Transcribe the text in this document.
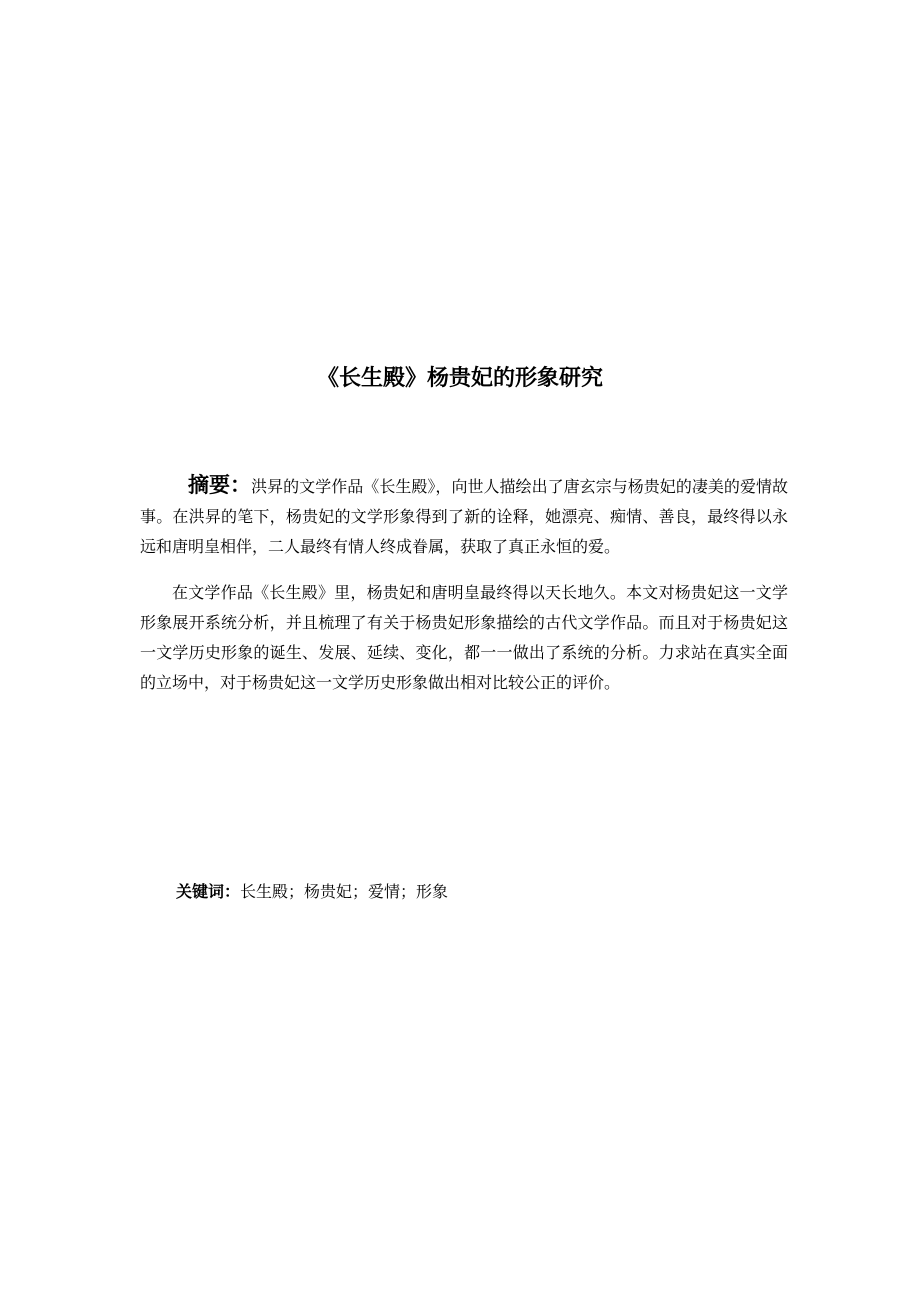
《长生殿》杨贵妃的形象研究

摘要：洪昇的文学作品《长生殿》，向世人描绘出了唐玄宗与杨贵妃的凄美的爱情故事。在洪昇的笔下，杨贵妃的文学形象得到了新的诠释，她漂亮、痴情、善良，最终得以永远和唐明皇相伴，二人最终有情人终成眷属，获取了真正永恒的爱。

在文学作品《长生殿》里，杨贵妃和唐明皇最终得以天长地久。本文对杨贵妃这一文学形象展开系统分析，并且梳理了有关于杨贵妃形象描绘的古代文学作品。而且对于杨贵妃这一文学历史形象的诞生、发展、延续、变化，都一一做出了系统的分析。力求站在真实全面的立场中，对于杨贵妃这一文学历史形象做出相对比较公正的评价。

关键词：长生殿；杨贵妃；爱情；形象
